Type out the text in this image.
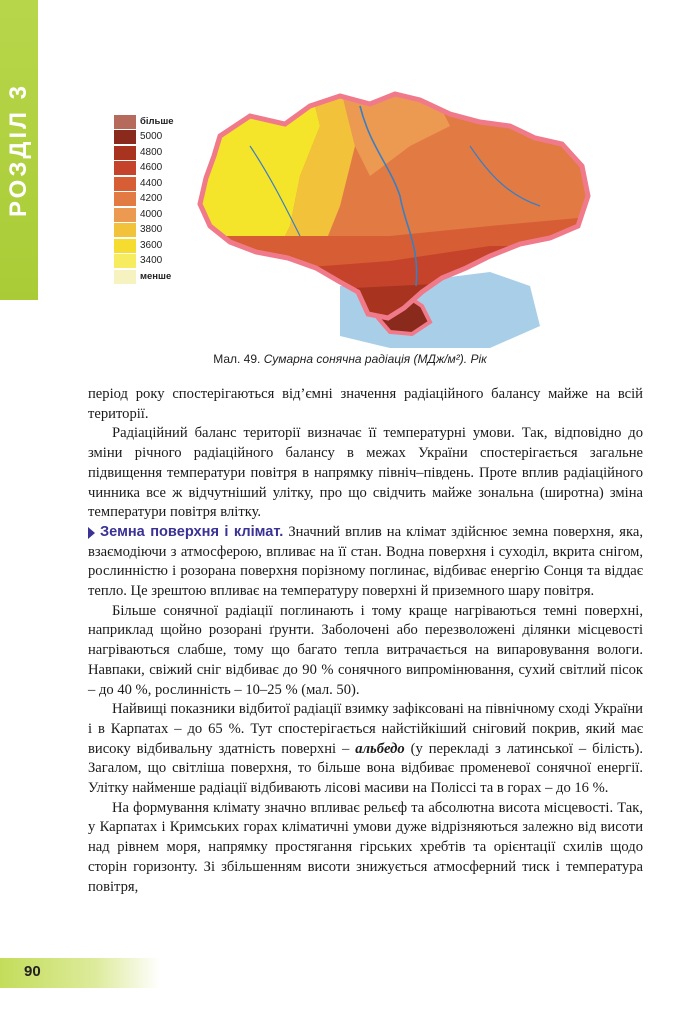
РОЗДІЛ 3	більше
5000
4800
4600
4400
4200
4000
3800
3600
3400
менше
Мал. 49. Сумарна сонячна радіація (МДж/м²). Рік

період року спостерігаються від’ємні значення радіаційного балансу майже на всій території.

Радіаційний баланс території визначає її температурні умови. Так, відповідно до зміни річного радіаційного балансу в межах України спостерігається загальне підвищення температури повітря в напрямку північ–південь. Проте вплив радіаційного чинника все ж відчутніший улітку, про що свідчить майже зональна (широтна) зміна температури повітря влітку.

Земна поверхня і клімат. Значний вплив на клімат здійснює земна поверхня, яка, взаємодіючи з атмосферою, впливає на її стан. Водна поверхня і суходіл, вкрита снігом, рослинністю і розорана поверхня порізному поглинає, відбиває енергію Сонця та віддає тепло. Це зрештою впливає на температуру поверхні й приземного шару повітря.

Більше сонячної радіації поглинають і тому краще нагріваються темні поверхні, наприклад щойно розорані ґрунти. Заболочені або перезволожені ділянки місцевості нагріваються слабше, тому що багато тепла витрачається на випаровування вологи. Навпаки, свіжий сніг відбиває до 90 % сонячного випромінювання, сухий світлий пісок – до 40 %, рослинність – 10–25 % (мал. 50).

Найвищі показники відбитої радіації взимку зафіксовані на північному сході України і в Карпатах – до 65 %. Тут спостерігається найстійкіший сніговий покрив, який має високу відбивальну здатність поверхні – альбедо (у перекладі з латинської – білість). Загалом, що світліша поверхня, то більше вона відбиває променевої сонячної енергії. Улітку найменше радіації відбивають лісові масиви на Поліссі та в горах – до 16 %.

На формування клімату значно впливає рельєф та абсолютна висота місцевості. Так, у Карпатах і Кримських горах кліматичні умови дуже відрізняються залежно від висоти над рівнем моря, напрямку простягання гірських хребтів та орієнтації схилів щодо сторін горизонту. Зі збільшенням висоти знижується атмосферний тиск і температура повітря,

90
